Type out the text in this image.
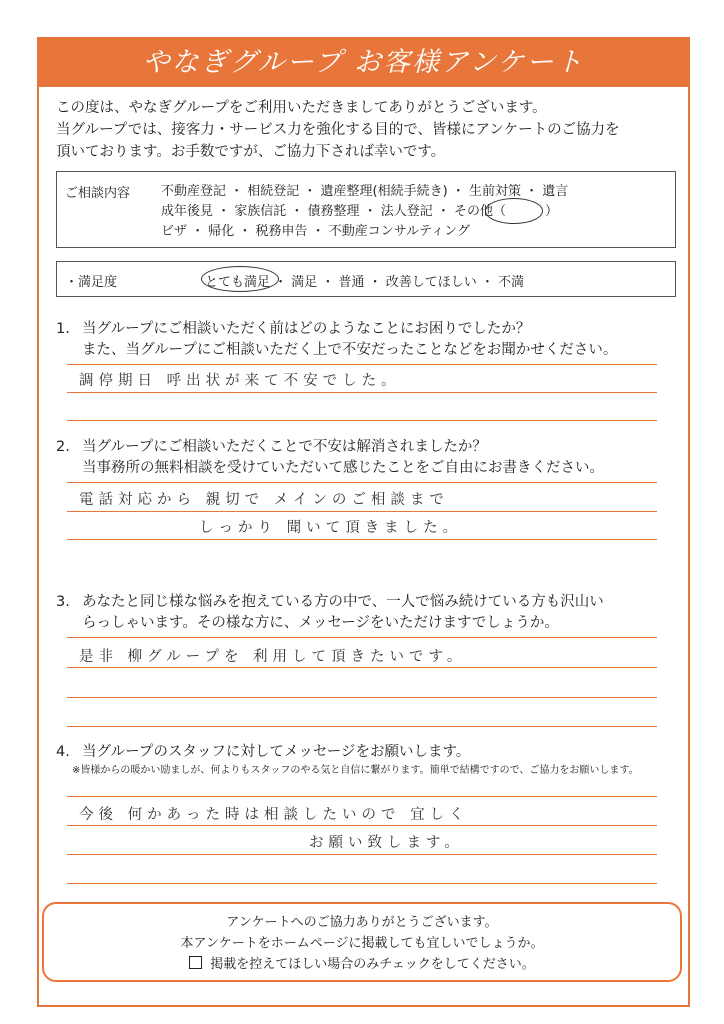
やなぎグループ お客様アンケート
この度は、やなぎグループをご利用いただきましてありがとうございます。
当グループでは、接客力・サービス力を強化する目的で、皆様にアンケートのご協力を
頂いております。お手数ですが、ご協力下されば幸いです。
ご相談内容 不動産登記 ・ 相続登記 ・ 遺産整理(相続手続き) ・ 生前対策 ・ 遺言
成年後見 ・ 家族信託 ・ 債務整理 ・ 法人登記 ・ その他（　　　）
ビザ ・ 帰化 ・ 税務申告 ・ 不動産コンサルティング
・満足度	とても満足 ・ 満足 ・ 普通 ・ 改善してほしい ・ 不満
1. 当グループにご相談いただく前はどのようなことにお困りでしたか？
また、当グループにご相談いただく上で不安だったことなどをお聞かせください。
調停期日 呼出状が来て不安でした。
2. 当グループにご相談いただくことで不安は解消されましたか？
当事務所の無料相談を受けていただいて感じたことをご自由にお書きください。
電話対応から 親切で メインのご相談まで
しっかり 聞いて頂きました。
3. あなたと同じ様な悩みを抱えている方の中で、一人で悩み続けている方も沢山い
らっしゃいます。その様な方に、メッセージをいただけますでしょうか。
是非 柳グループを 利用して頂きたいです。
4. 当グループのスタッフに対してメッセージをお願いします。
※皆様からの暖かい励ましが、何よりもスタッフのやる気と自信に繋がります。簡単で結構ですので、ご協力をお願いします。
今後 何かあった時は相談したいので 宜しく
お願い致します。
アンケートへのご協力ありがとうございます。
本アンケートをホームページに掲載しても宜しいでしょうか。
掲載を控えてほしい場合のみチェックをしてください。
